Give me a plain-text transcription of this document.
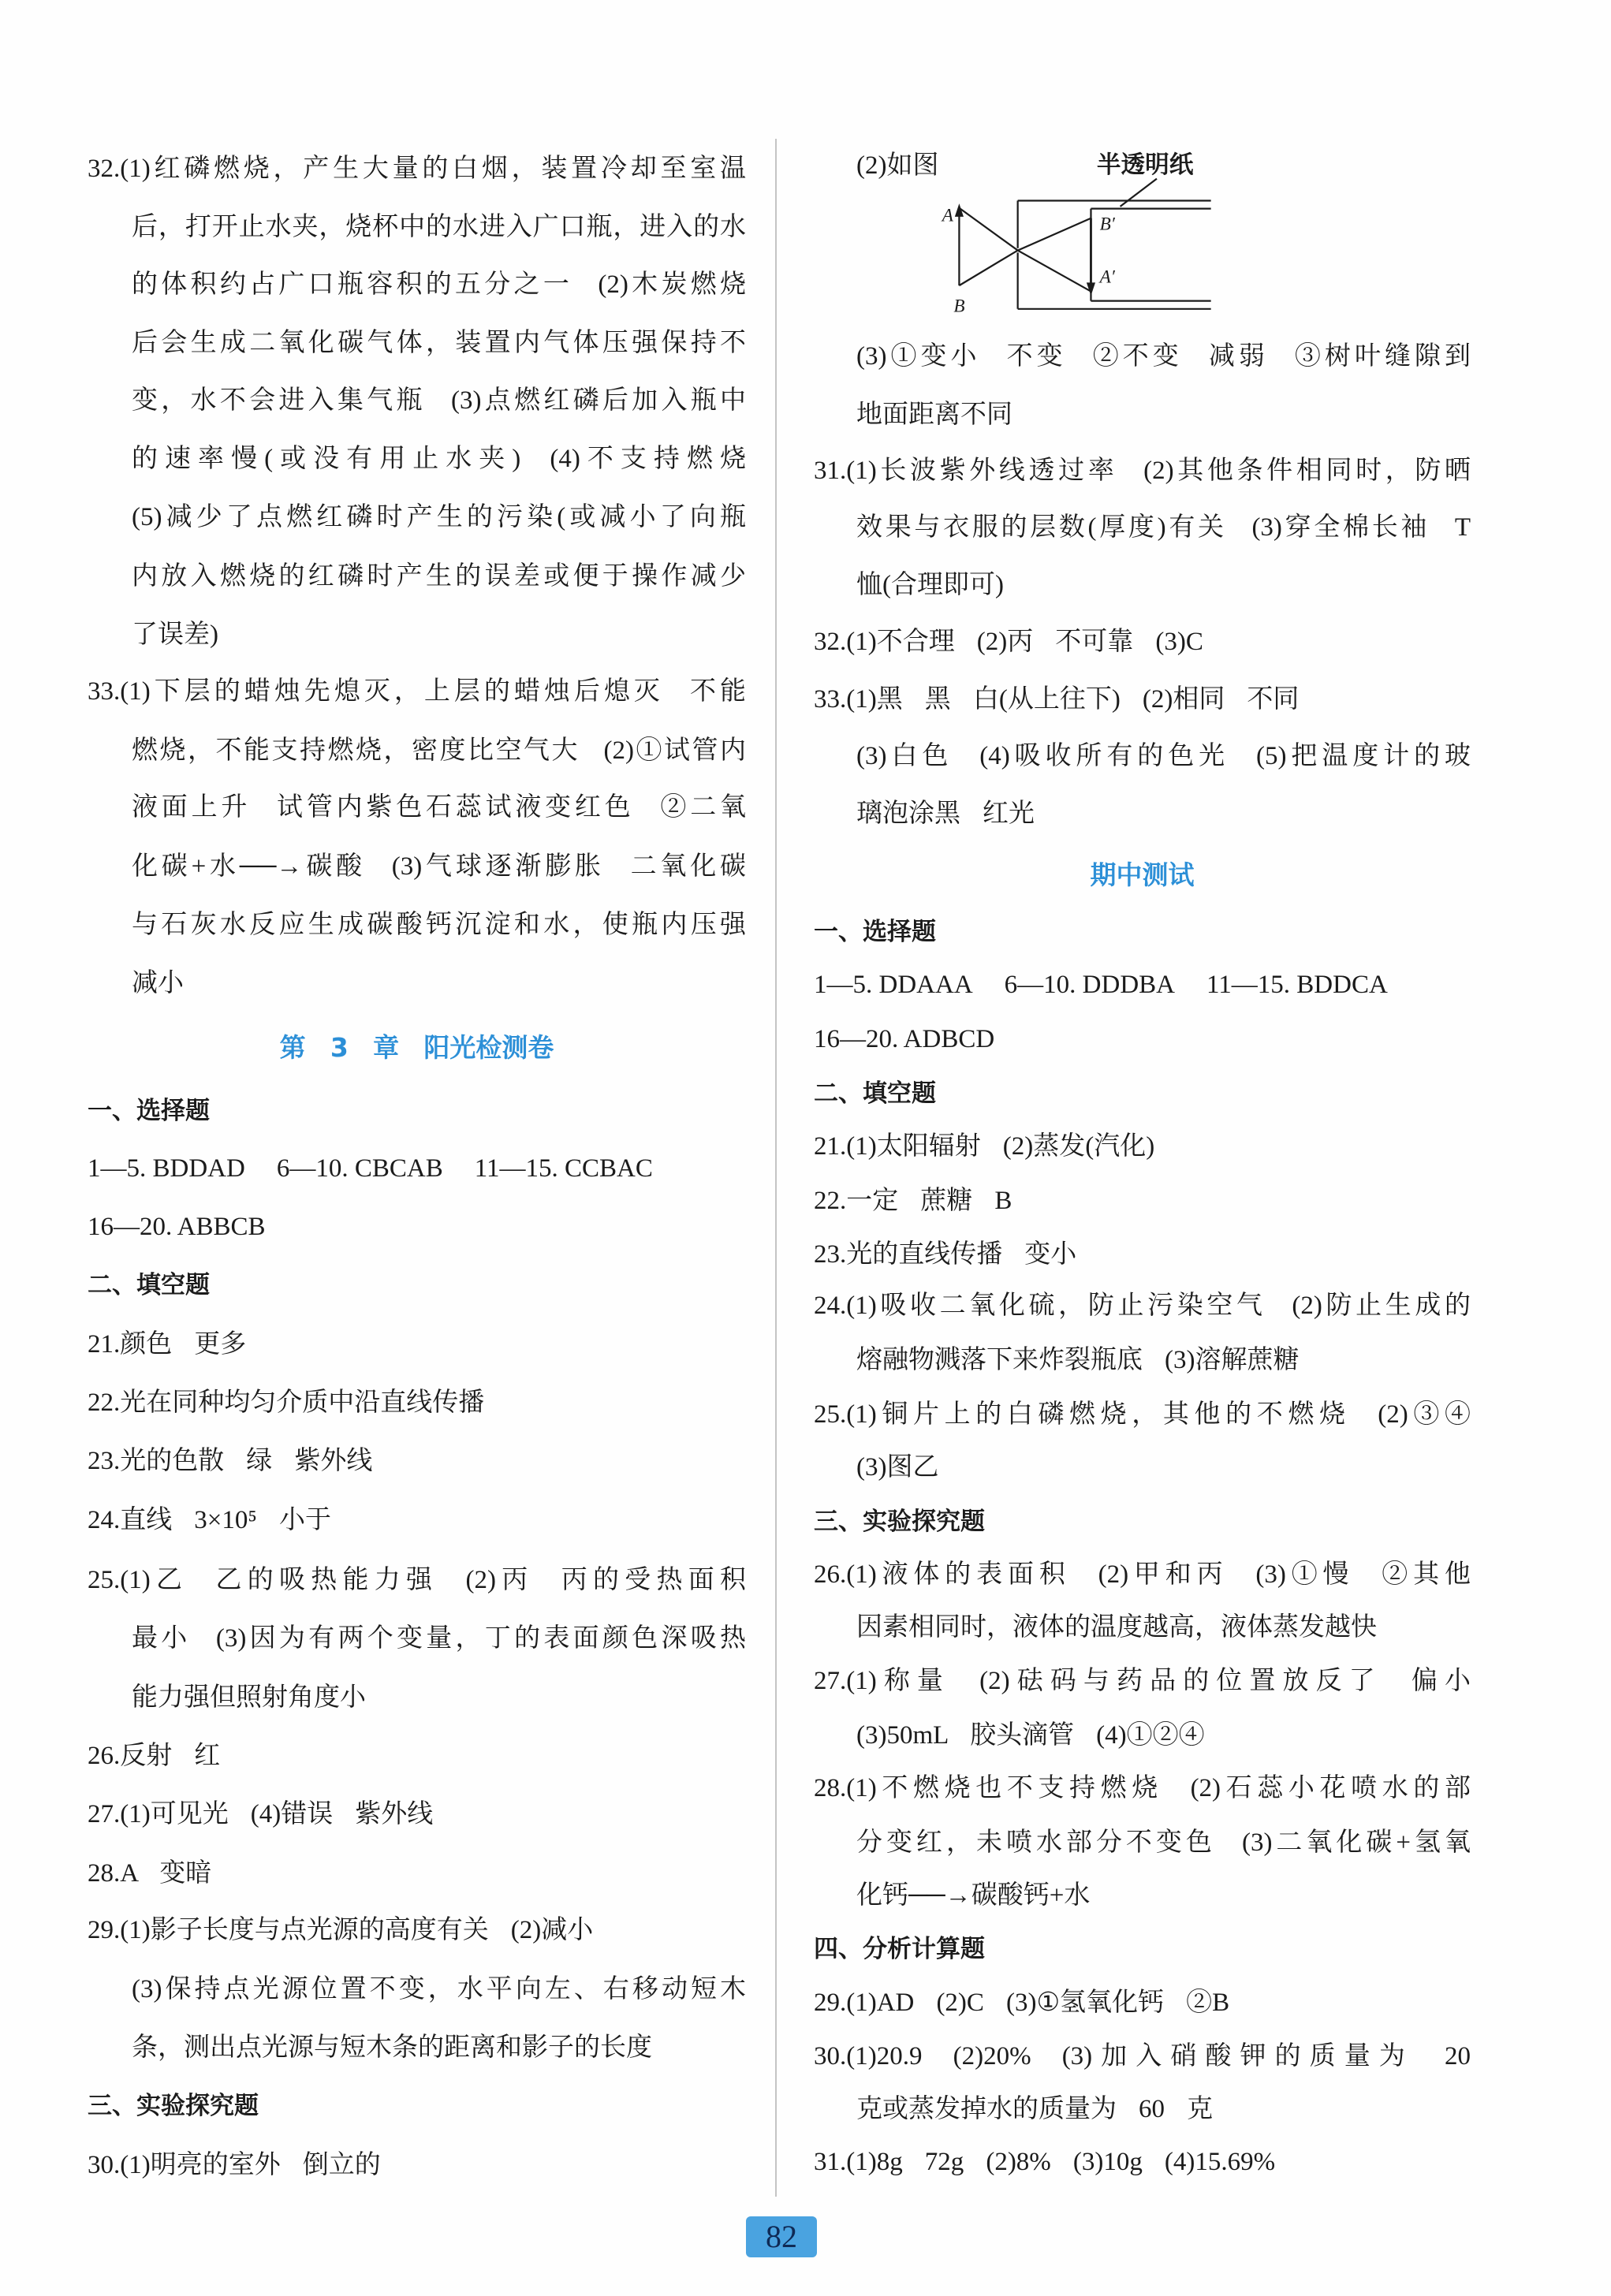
32.(1)红磷燃烧，产生大量的白烟，装置冷却至室温
后，打开止水夹，烧杯中的水进入广口瓶，进入的水
的体积约占广口瓶容积的五分之一 (2)木炭燃烧
后会生成二氧化碳气体，装置内气体压强保持不
变，水不会进入集气瓶 (3)点燃红磷后加入瓶中
的速率慢(或没有用止水夹) (4)不支持燃烧
(5)减少了点燃红磷时产生的污染(或减小了向瓶
内放入燃烧的红磷时产生的误差或便于操作减少
了误差)
33.(1)下层的蜡烛先熄灭，上层的蜡烛后熄灭 不能
燃烧，不能支持燃烧，密度比空气大 (2)①试管内
液面上升 试管内紫色石蕊试液变红色 ②二氧
化碳+水──→碳酸 (3)气球逐渐膨胀 二氧化碳
与石灰水反应生成碳酸钙沉淀和水，使瓶内压强
减小
第 3 章 阳光检测卷
一、选择题
1—5. BDDAD 6—10. CBCAB 11—15. CCBAC
16—20. ABBCB
二、填空题
21.颜色 更多
22.光在同种均匀介质中沿直线传播
23.光的色散 绿 紫外线
24.直线 3×10⁵ 小于
25.(1)乙 乙的吸热能力强 (2)丙 丙的受热面积
最小 (3)因为有两个变量，丁的表面颜色深吸热
能力强但照射角度小
26.反射 红
27.(1)可见光 (4)错误 紫外线
28.A 变暗
29.(1)影子长度与点光源的高度有关 (2)减小
(3)保持点光源位置不变，水平向左、右移动短木
条，测出点光源与短木条的距离和影子的长度
三、实验探究题
30.(1)明亮的室外 倒立的
(2)如图	半透明纸
A
B
B′
A′
(3)①变小 不变 ②不变 减弱 ③树叶缝隙到
地面距离不同
31.(1)长波紫外线透过率 (2)其他条件相同时，防晒
效果与衣服的层数(厚度)有关 (3)穿全棉长袖 T
恤(合理即可)
32.(1)不合理 (2)丙 不可靠 (3)C
33.(1)黑 黑 白(从上往下) (2)相同 不同
(3)白色 (4)吸收所有的色光 (5)把温度计的玻
璃泡涂黑 红光
期中测试
一、选择题
1—5. DDAAA 6—10. DDDBA 11—15. BDDCA
16—20. ADBCD
二、填空题
21.(1)太阳辐射 (2)蒸发(汽化)
22.一定 蔗糖 B
23.光的直线传播 变小
24.(1)吸收二氧化硫，防止污染空气 (2)防止生成的
熔融物溅落下来炸裂瓶底 (3)溶解蔗糖
25.(1)铜片上的白磷燃烧，其他的不燃烧 (2)③④
(3)图乙
三、实验探究题
26.(1)液体的表面积 (2)甲和丙 (3)①慢 ②其他
因素相同时，液体的温度越高，液体蒸发越快
27.(1)称量 (2)砝码与药品的位置放反了 偏小
(3)50mL 胶头滴管 (4)①②④
28.(1)不燃烧也不支持燃烧 (2)石蕊小花喷水的部
分变红，未喷水部分不变色 (3)二氧化碳+氢氧
化钙──→碳酸钙+水
四、分析计算题
29.(1)AD (2)C (3)①氢氧化钙 ②B
30.(1)20.9 (2)20% (3)加入硝酸钾的质量为 20
克或蒸发掉水的质量为 60 克
31.(1)8g 72g (2)8% (3)10g (4)15.69%
82
